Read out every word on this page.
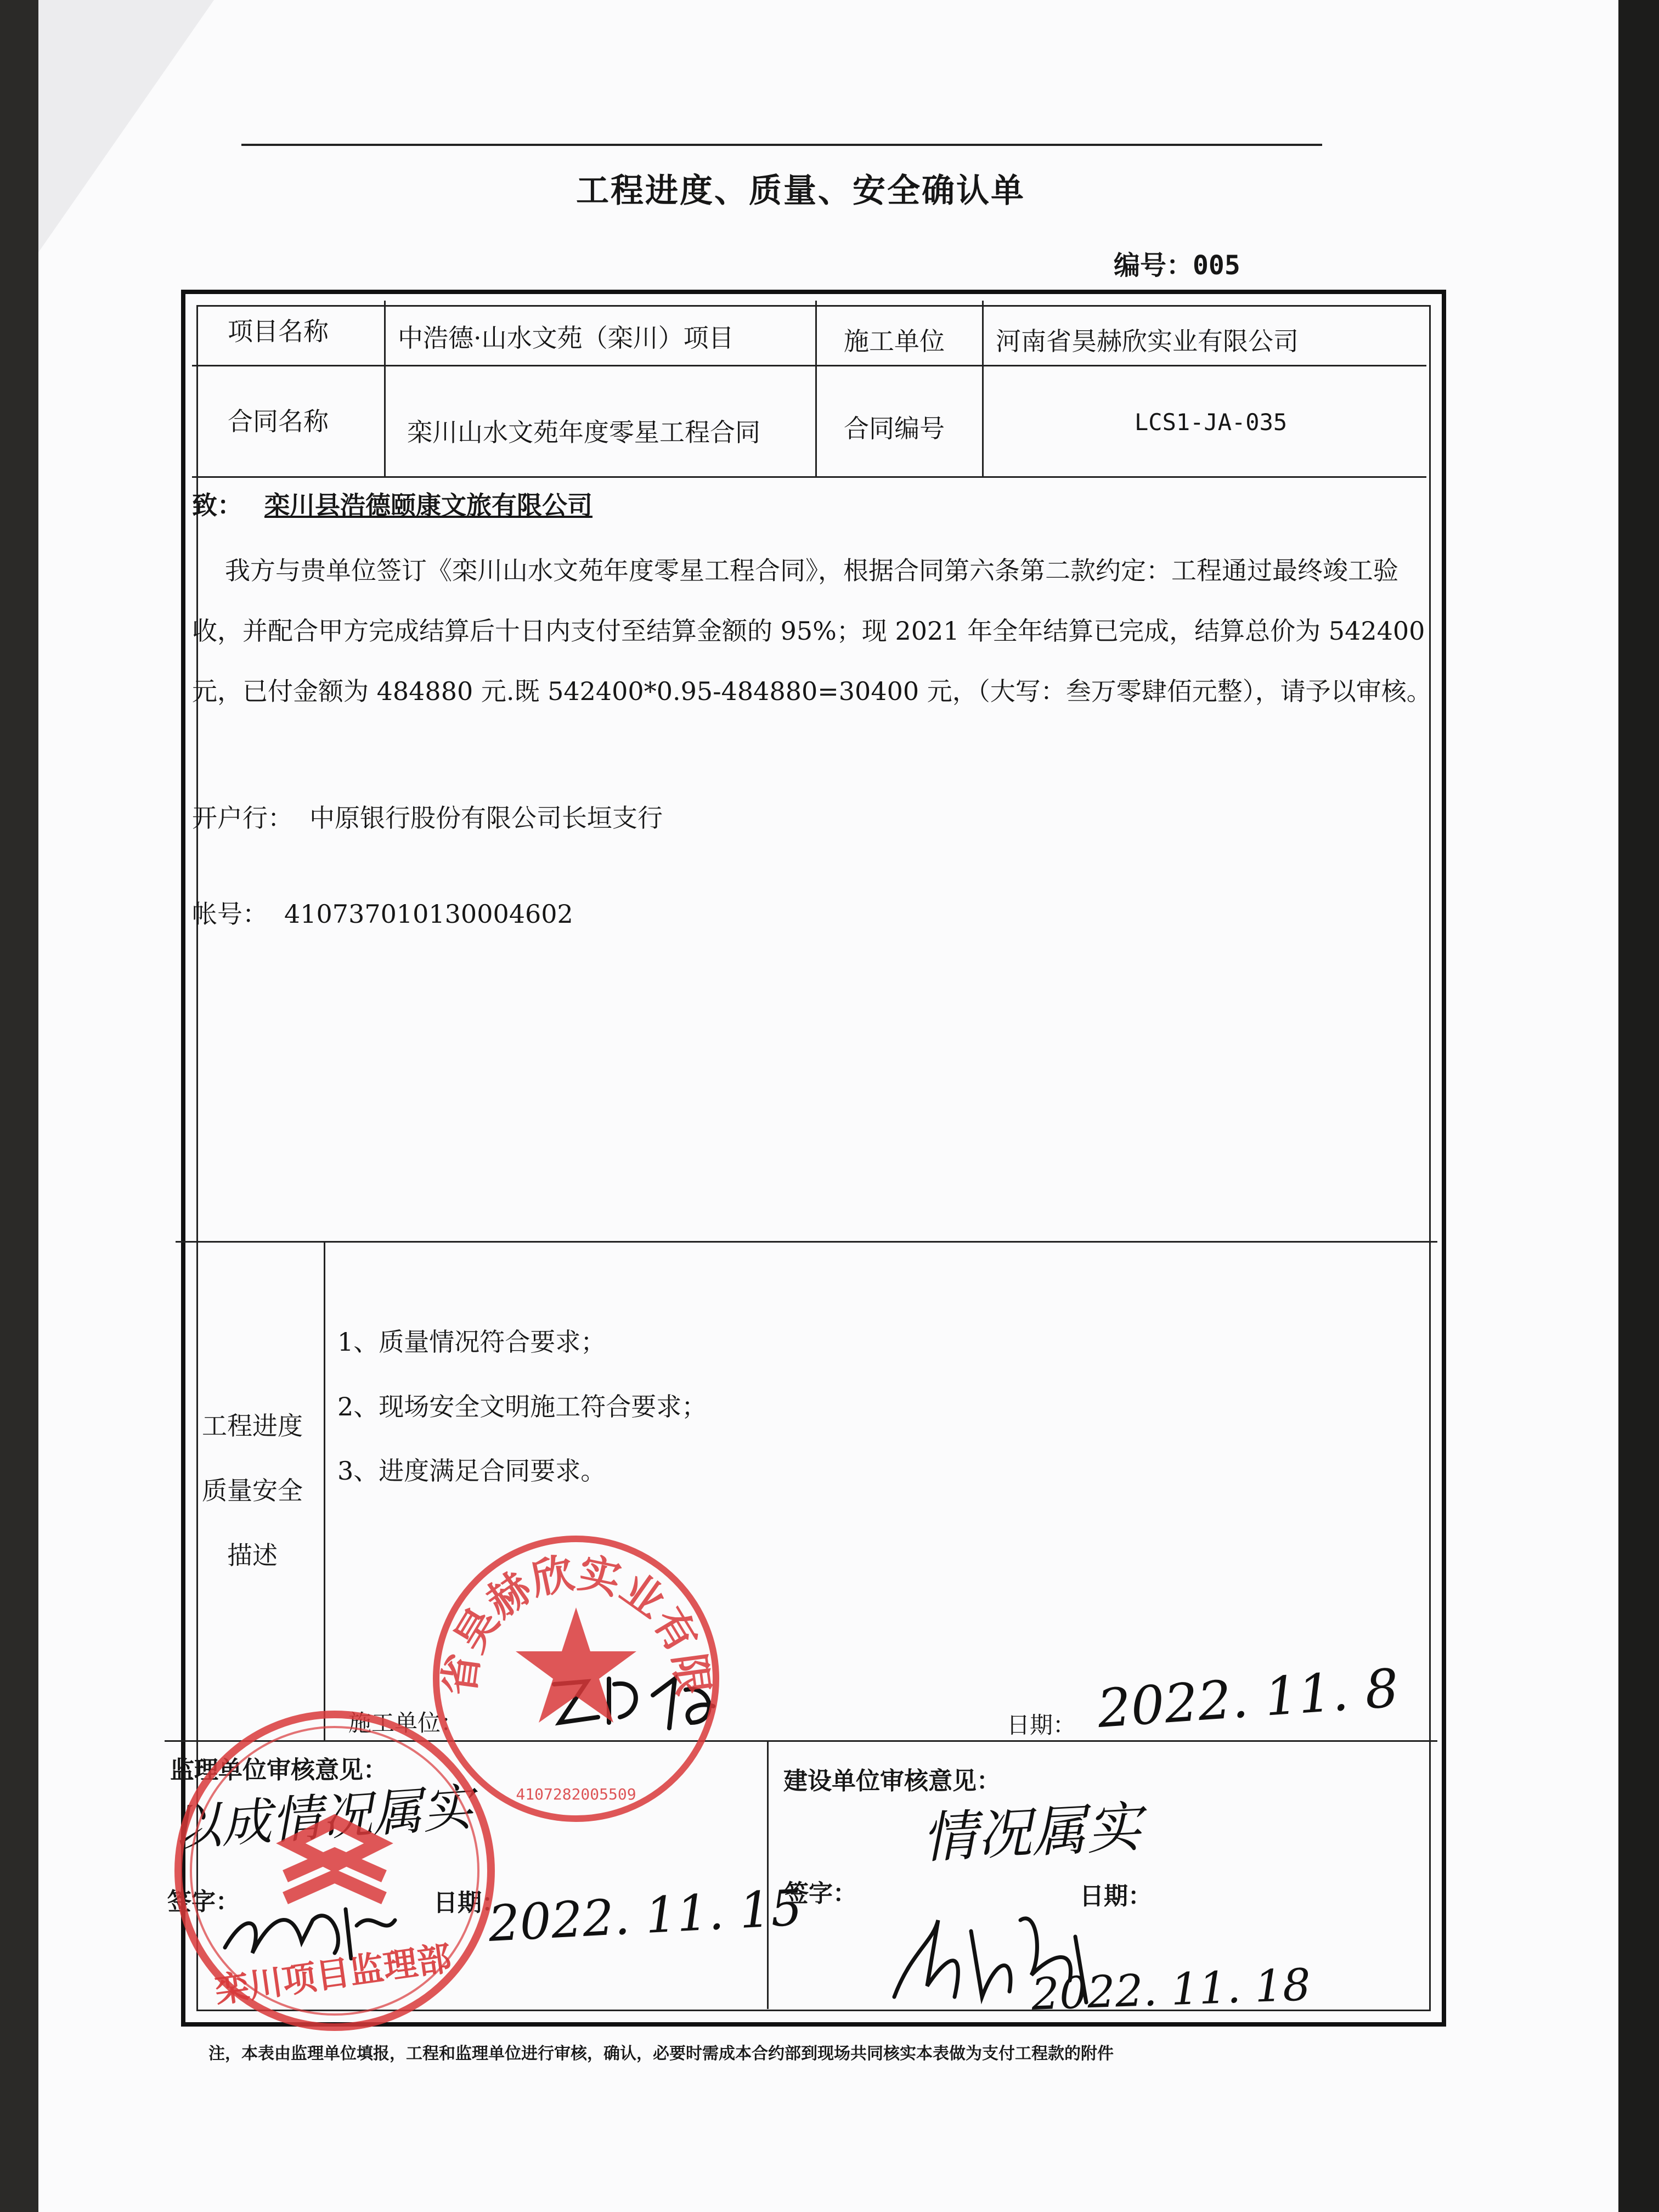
工程进度、质量、安全确认单
编号：005
项目名称	中浩德·山水文苑（栾川）项目	施工单位 河南省昊赫欣实业有限公司
合同名称	栾川山水文苑年度零星工程合同	合同编号	LCS1-JA-035
致： 栾川县浩德颐康文旅有限公司
我方与贵单位签订《栾川山水文苑年度零星工程合同》，根据合同第六条第二款约定：工程通过最终竣工验收，并配合甲方完成结算后十日内支付至结算金额的 95%；现 2021 年全年结算已完成，结算总价为 542400 元，已付金额为 484880 元.既 542400*0.95-484880=30400 元，（大写：叁万零肆佰元整），请予以审核。
开户行： 中原银行股份有限公司长垣支行
帐号： 410737010130004602
工程进度
质量安全
描述
1、质量情况符合要求；
2、现场安全文明施工符合要求；
3、进度满足合同要求。
施工单位：	日期： 2022. 11. 8
监理单位审核意见：
以成情况属实
签字：	日期：
2022. 11. 15
建设单位审核意见：
情况属实
签字：	日期：
2022. 11. 18
省昊赫欣实业有限
4107282005509
栾川项目监理部
注，本表由监理单位填报，工程和监理单位进行审核，确认，必要时需成本合约部到现场共同核实本表做为支付工程款的附件
